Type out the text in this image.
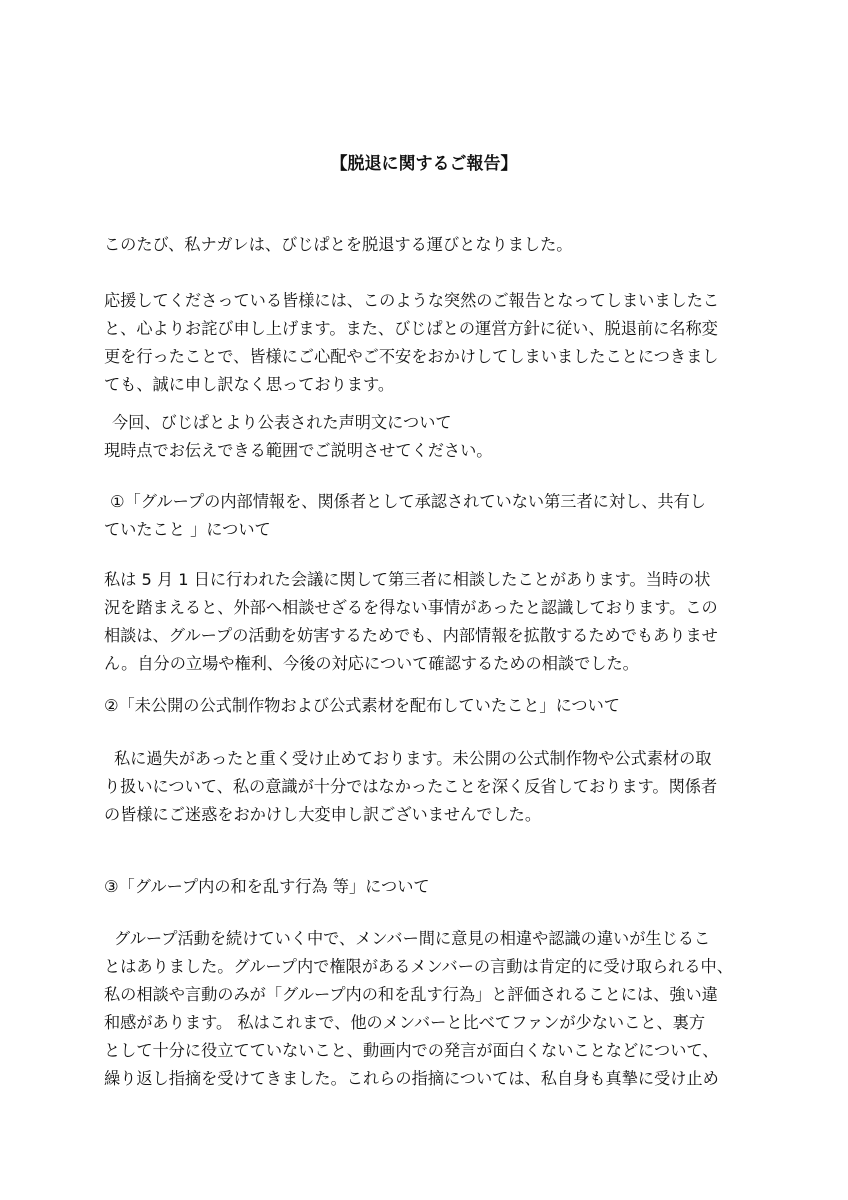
【脱退に関するご報告】
このたび、私ナガレは、びじぱとを脱退する運びとなりました。
応援してくださっている皆様には、このような突然のご報告となってしまいましたこ
と、心よりお詫び申し上げます。また、びじぱとの運営方針に従い、脱退前に名称変
更を行ったことで、皆様にご心配やご不安をおかけしてしまいましたことにつきまし
ても、誠に申し訳なく思っております。
今回、びじぱとより公表された声明文について
現時点でお伝えできる範囲でご説明させてください。
①「グループの内部情報を、関係者として承認されていない第三者に対し、共有し
ていたこと 」について
私は 5 月 1 日に行われた会議に関して第三者に相談したことがあります。当時の状
況を踏まえると、外部へ相談せざるを得ない事情があったと認識しております。この
相談は、グループの活動を妨害するためでも、内部情報を拡散するためでもありませ
ん。自分の立場や権利、今後の対応について確認するための相談でした。
②「未公開の公式制作物および公式素材を配布していたこと」について
私に過失があったと重く受け止めております。未公開の公式制作物や公式素材の取
り扱いについて、私の意識が十分ではなかったことを深く反省しております。関係者
の皆様にご迷惑をおかけし大変申し訳ございませんでした。
③「グループ内の和を乱す行為 等」について
グループ活動を続けていく中で、メンバー間に意見の相違や認識の違いが生じるこ
とはありました。グループ内で権限があるメンバーの言動は肯定的に受け取られる中、
私の相談や言動のみが「グループ内の和を乱す行為」と評価されることには、強い違
和感があります。 私はこれまで、他のメンバーと比べてファンが少ないこと、裏方
として十分に役立てていないこと、動画内での発言が面白くないことなどについて、
繰り返し指摘を受けてきました。これらの指摘については、私自身も真摯に受け止め
